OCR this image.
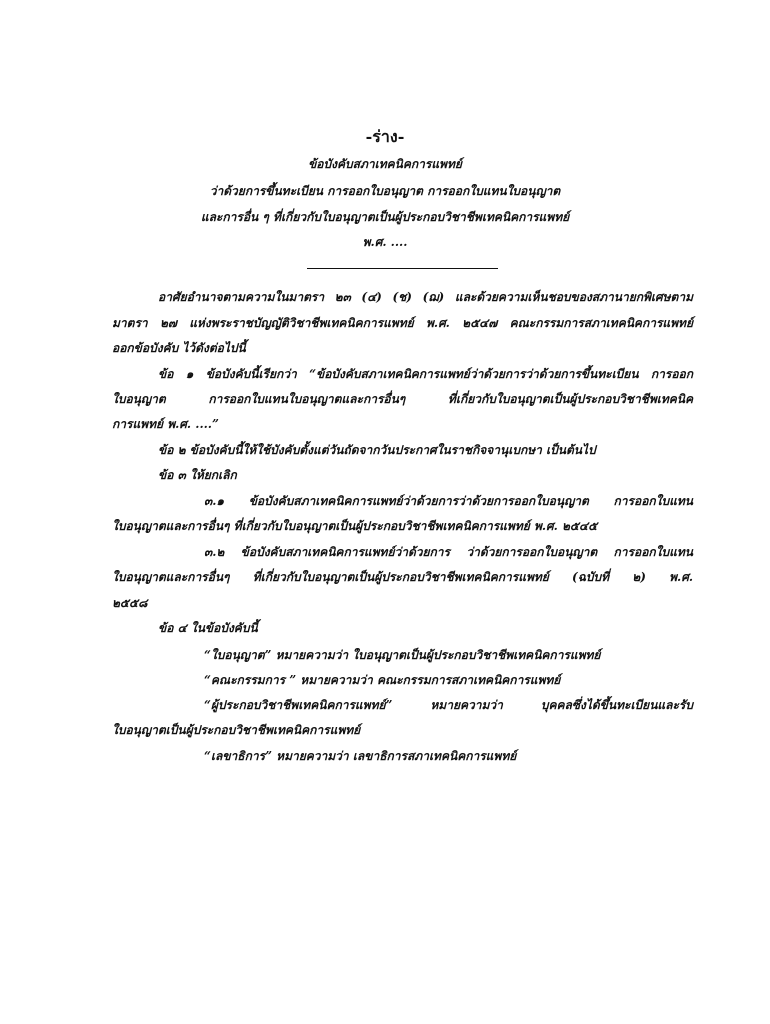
-ร่าง-
ข้อบังคับสภาเทคนิคการแพทย์
ว่าด้วยการขึ้นทะเบียน การออกใบอนุญาต การออกใบแทนใบอนุญาต
และการอื่น ๆ ที่เกี่ยวกับใบอนุญาตเป็นผู้ประกอบวิชาชีพเทคนิคการแพทย์
พ.ศ. ....
อาศัยอำนาจตามความในมาตรา ๒๓ (๔) (ช) (ฌ) และด้วยความเห็นชอบของสภานายกพิเศษตาม
มาตรา ๒๗ แห่งพระราชบัญญัติวิชาชีพเทคนิคการแพทย์ พ.ศ. ๒๕๔๗ คณะกรรมการสภาเทคนิคการแพทย์
ออกข้อบังคับ ไว้ดังต่อไปนี้
ข้อ ๑ ข้อบังคับนี้เรียกว่า “ข้อบังคับสภาเทคนิคการแพทย์ว่าด้วยการว่าด้วยการขึ้นทะเบียน การออก
ใบอนุญาต การออกใบแทนใบอนุญาตและการอื่นๆ ที่เกี่ยวกับใบอนุญาตเป็นผู้ประกอบวิชาชีพเทคนิค
การแพทย์ พ.ศ. ....”
ข้อ ๒ ข้อบังคับนี้ให้ใช้บังคับตั้งแต่วันถัดจากวันประกาศในราชกิจจานุเบกษา เป็นต้นไป
ข้อ ๓ ให้ยกเลิก
๓.๑ ข้อบังคับสภาเทคนิคการแพทย์ว่าด้วยการว่าด้วยการออกใบอนุญาต การออกใบแทน
ใบอนุญาตและการอื่นๆ ที่เกี่ยวกับใบอนุญาตเป็นผู้ประกอบวิชาชีพเทคนิคการแพทย์ พ.ศ. ๒๕๔๕
๓.๒ ข้อบังคับสภาเทคนิคการแพทย์ว่าด้วยการ ว่าด้วยการออกใบอนุญาต การออกใบแทน
ใบอนุญาตและการอื่นๆ ที่เกี่ยวกับใบอนุญาตเป็นผู้ประกอบวิชาชีพเทคนิคการแพทย์ (ฉบับที่ ๒) พ.ศ.
๒๕๕๘
ข้อ ๔ ในข้อบังคับนี้
“ใบอนุญาต” หมายความว่า ใบอนุญาตเป็นผู้ประกอบวิชาชีพเทคนิคการแพทย์
“คณะกรรมการ ” หมายความว่า คณะกรรมการสภาเทคนิคการแพทย์
“ผู้ประกอบวิชาชีพเทคนิคการแพทย์” หมายความว่า บุคคลซึ่งได้ขึ้นทะเบียนและรับ
ใบอนุญาตเป็นผู้ประกอบวิชาชีพเทคนิคการแพทย์
“เลขาธิการ” หมายความว่า เลขาธิการสภาเทคนิคการแพทย์
